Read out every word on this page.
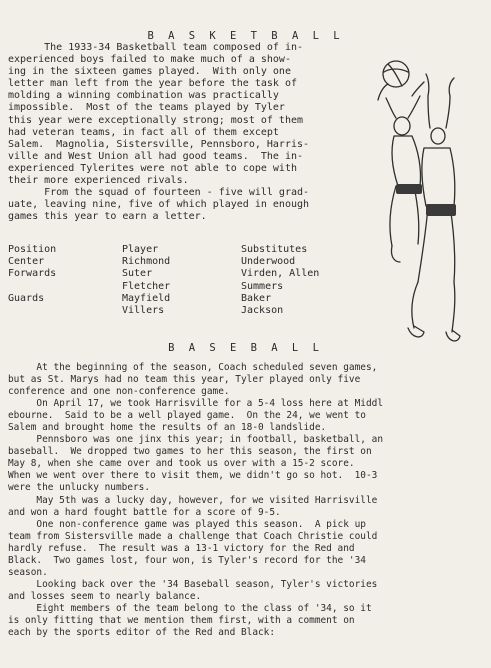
B A S K E T B A L L
The 1933-34 Basketball team composed of in-
experienced boys failed to make much of a show-
ing in the sixteen games played.  With only one
letter man left from the year before the task of
molding a winning combination was practically
impossible.  Most of the teams played by Tyler
this year were exceptionally strong; most of them
had veteran teams, in fact all of them except
Salem.  Magnolia, Sistersville, Pennsboro, Harris-
ville and West Union all had good teams.  The in-
experienced Tylerites were not able to cope with
their more experienced rivals.
From the squad of fourteen - five will grad-
uate, leaving nine, five of which played in enough
games this year to earn a letter.
Position
Center
Forwards
Guards
Player
Richmond
Suter
Fletcher
Mayfield
Villers
Substitutes
Underwood
Virden, Allen
Summers
Baker
Jackson
B A S E B A L L
At the beginning of the season, Coach scheduled seven games,
but as St. Marys had no team this year, Tyler played only five
conference and one non-conference game.
On April 17, we took Harrisville for a 5-4 loss here at Middl
ebourne.  Said to be a well played game.  On the 24, we went to
Salem and brought home the results of an 18-0 landslide.
Pennsboro was one jinx this year; in football, basketball, an
baseball.  We dropped two games to her this season, the first on
May 8, when she came over and took us over with a 15-2 score.
When we went over there to visit them, we didn't go so hot.  10-3
were the unlucky numbers.
May 5th was a lucky day, however, for we visited Harrisville
and won a hard fought battle for a score of 9-5.
One non-conference game was played this season.  A pick up
team from Sistersville made a challenge that Coach Christie could
hardly refuse.  The result was a 13-1 victory for the Red and
Black.  Two games lost, four won, is Tyler's record for the '34
season.
Looking back over the '34 Baseball season, Tyler's victories
and losses seem to nearly balance.
Eight members of the team belong to the class of '34, so it
is only fitting that we mention them first, with a comment on
each by the sports editor of the Red and Black:
